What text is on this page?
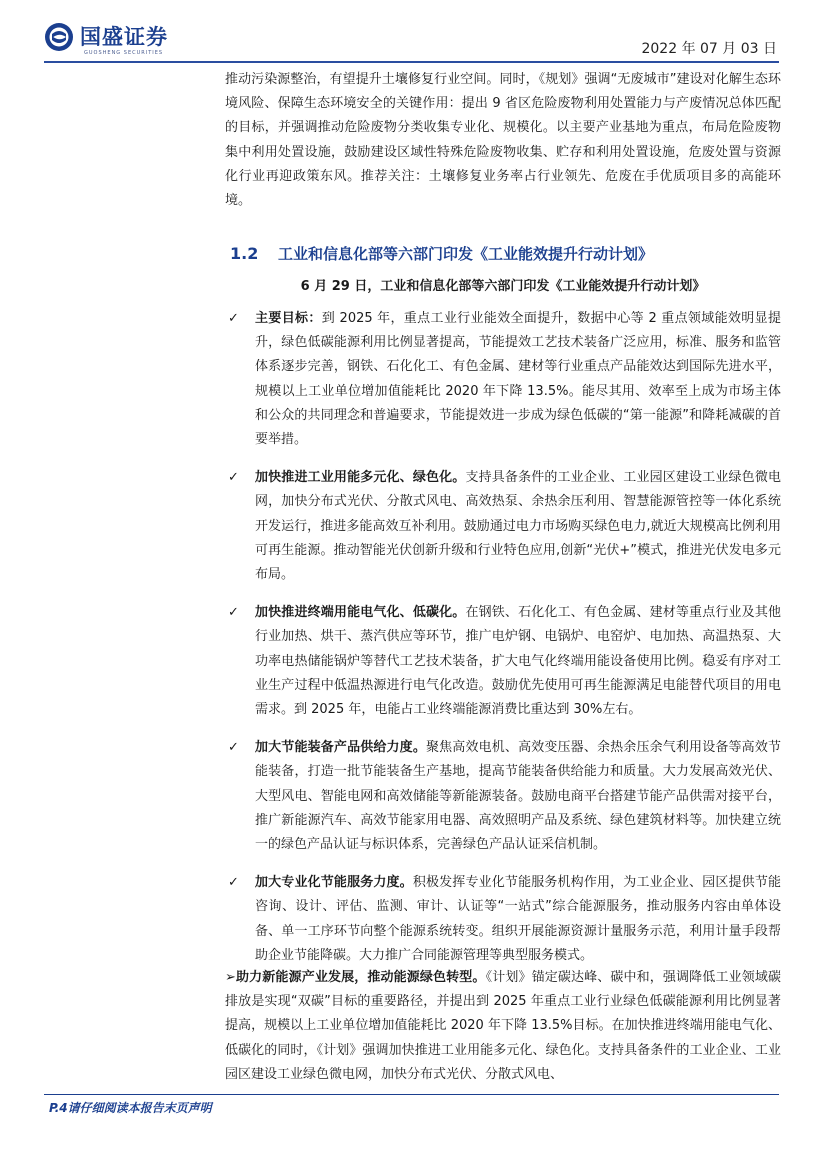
国盛证券
GUOSHENG SECURITIES	2022 年 07 月 03 日

推动污染源整治，有望提升土壤修复行业空间。同时，《规划》强调“无废城市”建设对化解生态环境风险、保障生态环境安全的关键作用：提出 9 省区危险废物利用处置能力与产废情况总体匹配的目标，并强调推动危险废物分类收集专业化、规模化。以主要产业基地为重点，布局危险废物集中利用处置设施，鼓励建设区域性特殊危险废物收集、贮存和利用处置设施，危废处置与资源化行业再迎政策东风。推荐关注：土壤修复业务率占行业领先、危废在手优质项目多的高能环境。

1.2 工业和信息化部等六部门印发《工业能效提升行动计划》
6 月 29 日，工业和信息化部等六部门印发《工业能效提升行动计划》
✓ 主要目标：到 2025 年，重点工业行业能效全面提升，数据中心等 2 重点领域能效明显提升，绿色低碳能源利用比例显著提高，节能提效工艺技术装备广泛应用，标准、服务和监管体系逐步完善，钢铁、石化化工、有色金属、建材等行业重点产品能效达到国际先进水平，规模以上工业单位增加值能耗比 2020 年下降 13.5%。能尽其用、效率至上成为市场主体和公众的共同理念和普遍要求，节能提效进一步成为绿色低碳的“第一能源”和降耗减碳的首要举措。

✓ 加快推进工业用能多元化、绿色化。支持具备条件的工业企业、工业园区建设工业绿色微电网，加快分布式光伏、分散式风电、高效热泵、余热余压利用、智慧能源管控等一体化系统开发运行，推进多能高效互补利用。鼓励通过电力市场购买绿色电力,就近大规模高比例利用可再生能源。推动智能光伏创新升级和行业特色应用,创新“光伏+”模式，推进光伏发电多元布局。

✓ 加快推进终端用能电气化、低碳化。在钢铁、石化化工、有色金属、建材等重点行业及其他行业加热、烘干、蒸汽供应等环节，推广电炉钢、电锅炉、电窑炉、电加热、高温热泵、大功率电热储能锅炉等替代工艺技术装备，扩大电气化终端用能设备使用比例。稳妥有序对工业生产过程中低温热源进行电气化改造。鼓励优先使用可再生能源满足电能替代项目的用电需求。到 2025 年，电能占工业终端能源消费比重达到 30%左右。

✓ 加大节能装备产品供给力度。聚焦高效电机、高效变压器、余热余压余气利用设备等高效节能装备，打造一批节能装备生产基地，提高节能装备供给能力和质量。大力发展高效光伏、大型风电、智能电网和高效储能等新能源装备。鼓励电商平台搭建节能产品供需对接平台，推广新能源汽车、高效节能家用电器、高效照明产品及系统、绿色建筑材料等。加快建立统一的绿色产品认证与标识体系，完善绿色产品认证采信机制。

✓ 加大专业化节能服务力度。积极发挥专业化节能服务机构作用，为工业企业、园区提供节能咨询、设计、评估、监测、审计、认证等“一站式”综合能源服务，推动服务内容由单体设备、单一工序环节向整个能源系统转变。组织开展能源资源计量服务示范，利用计量手段帮助企业节能降碳。大力推广合同能源管理等典型服务模式。

➢助力新能源产业发展，推动能源绿色转型。《计划》锚定碳达峰、碳中和，强调降低工业领域碳排放是实现“双碳”目标的重要路径，并提出到 2025 年重点工业行业绿色低碳能源利用比例显著提高，规模以上工业单位增加值能耗比 2020 年下降 13.5%目标。在加快推进终端用能电气化、低碳化的同时，《计划》强调加快推进工业用能多元化、绿色化。支持具备条件的工业企业、工业园区建设工业绿色微电网，加快分布式光伏、分散式风电、

P.4请仔细阅读本报告末页声明
